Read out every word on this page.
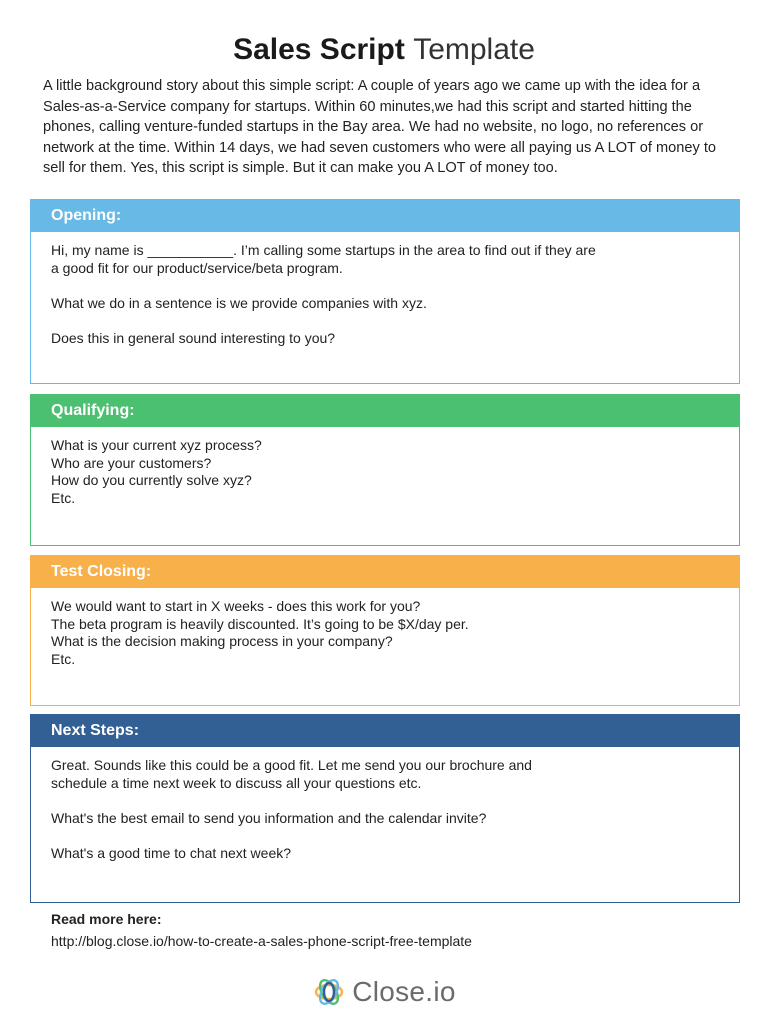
Sales Script Template

A little background story about this simple script: A couple of years ago we came up with the idea for a Sales-as-a-Service company for startups. Within 60 minutes,we had this script and started hitting the phones, calling venture-funded startups in the Bay area. We had no website, no logo, no references or network at the time. Within 14 days, we had seven customers who were all paying us A LOT of money to sell for them. Yes, this script is simple. But it can make you A LOT of money too.

Opening:

Hi, my name is ___________. I’m calling some startups in the area to find out if they are
a good fit for our product/service/beta program.

What we do in a sentence is we provide companies with xyz.

Does this in general sound interesting to you?

Qualifying:

What is your current xyz process?
Who are your customers?
How do you currently solve xyz?
Etc.

Test Closing:

We would want to start in X weeks - does this work for you?
The beta program is heavily discounted. It’s going to be $X/day per.
What is the decision making process in your company?
Etc.

Next Steps:

Great. Sounds like this could be a good fit. Let me send you our brochure and
schedule a time next week to discuss all your questions etc.

What's the best email to send you information and the calendar invite?

What's a good time to chat next week?

Read more here:
http://blog.close.io/how-to-create-a-sales-phone-script-free-template
Close.io
